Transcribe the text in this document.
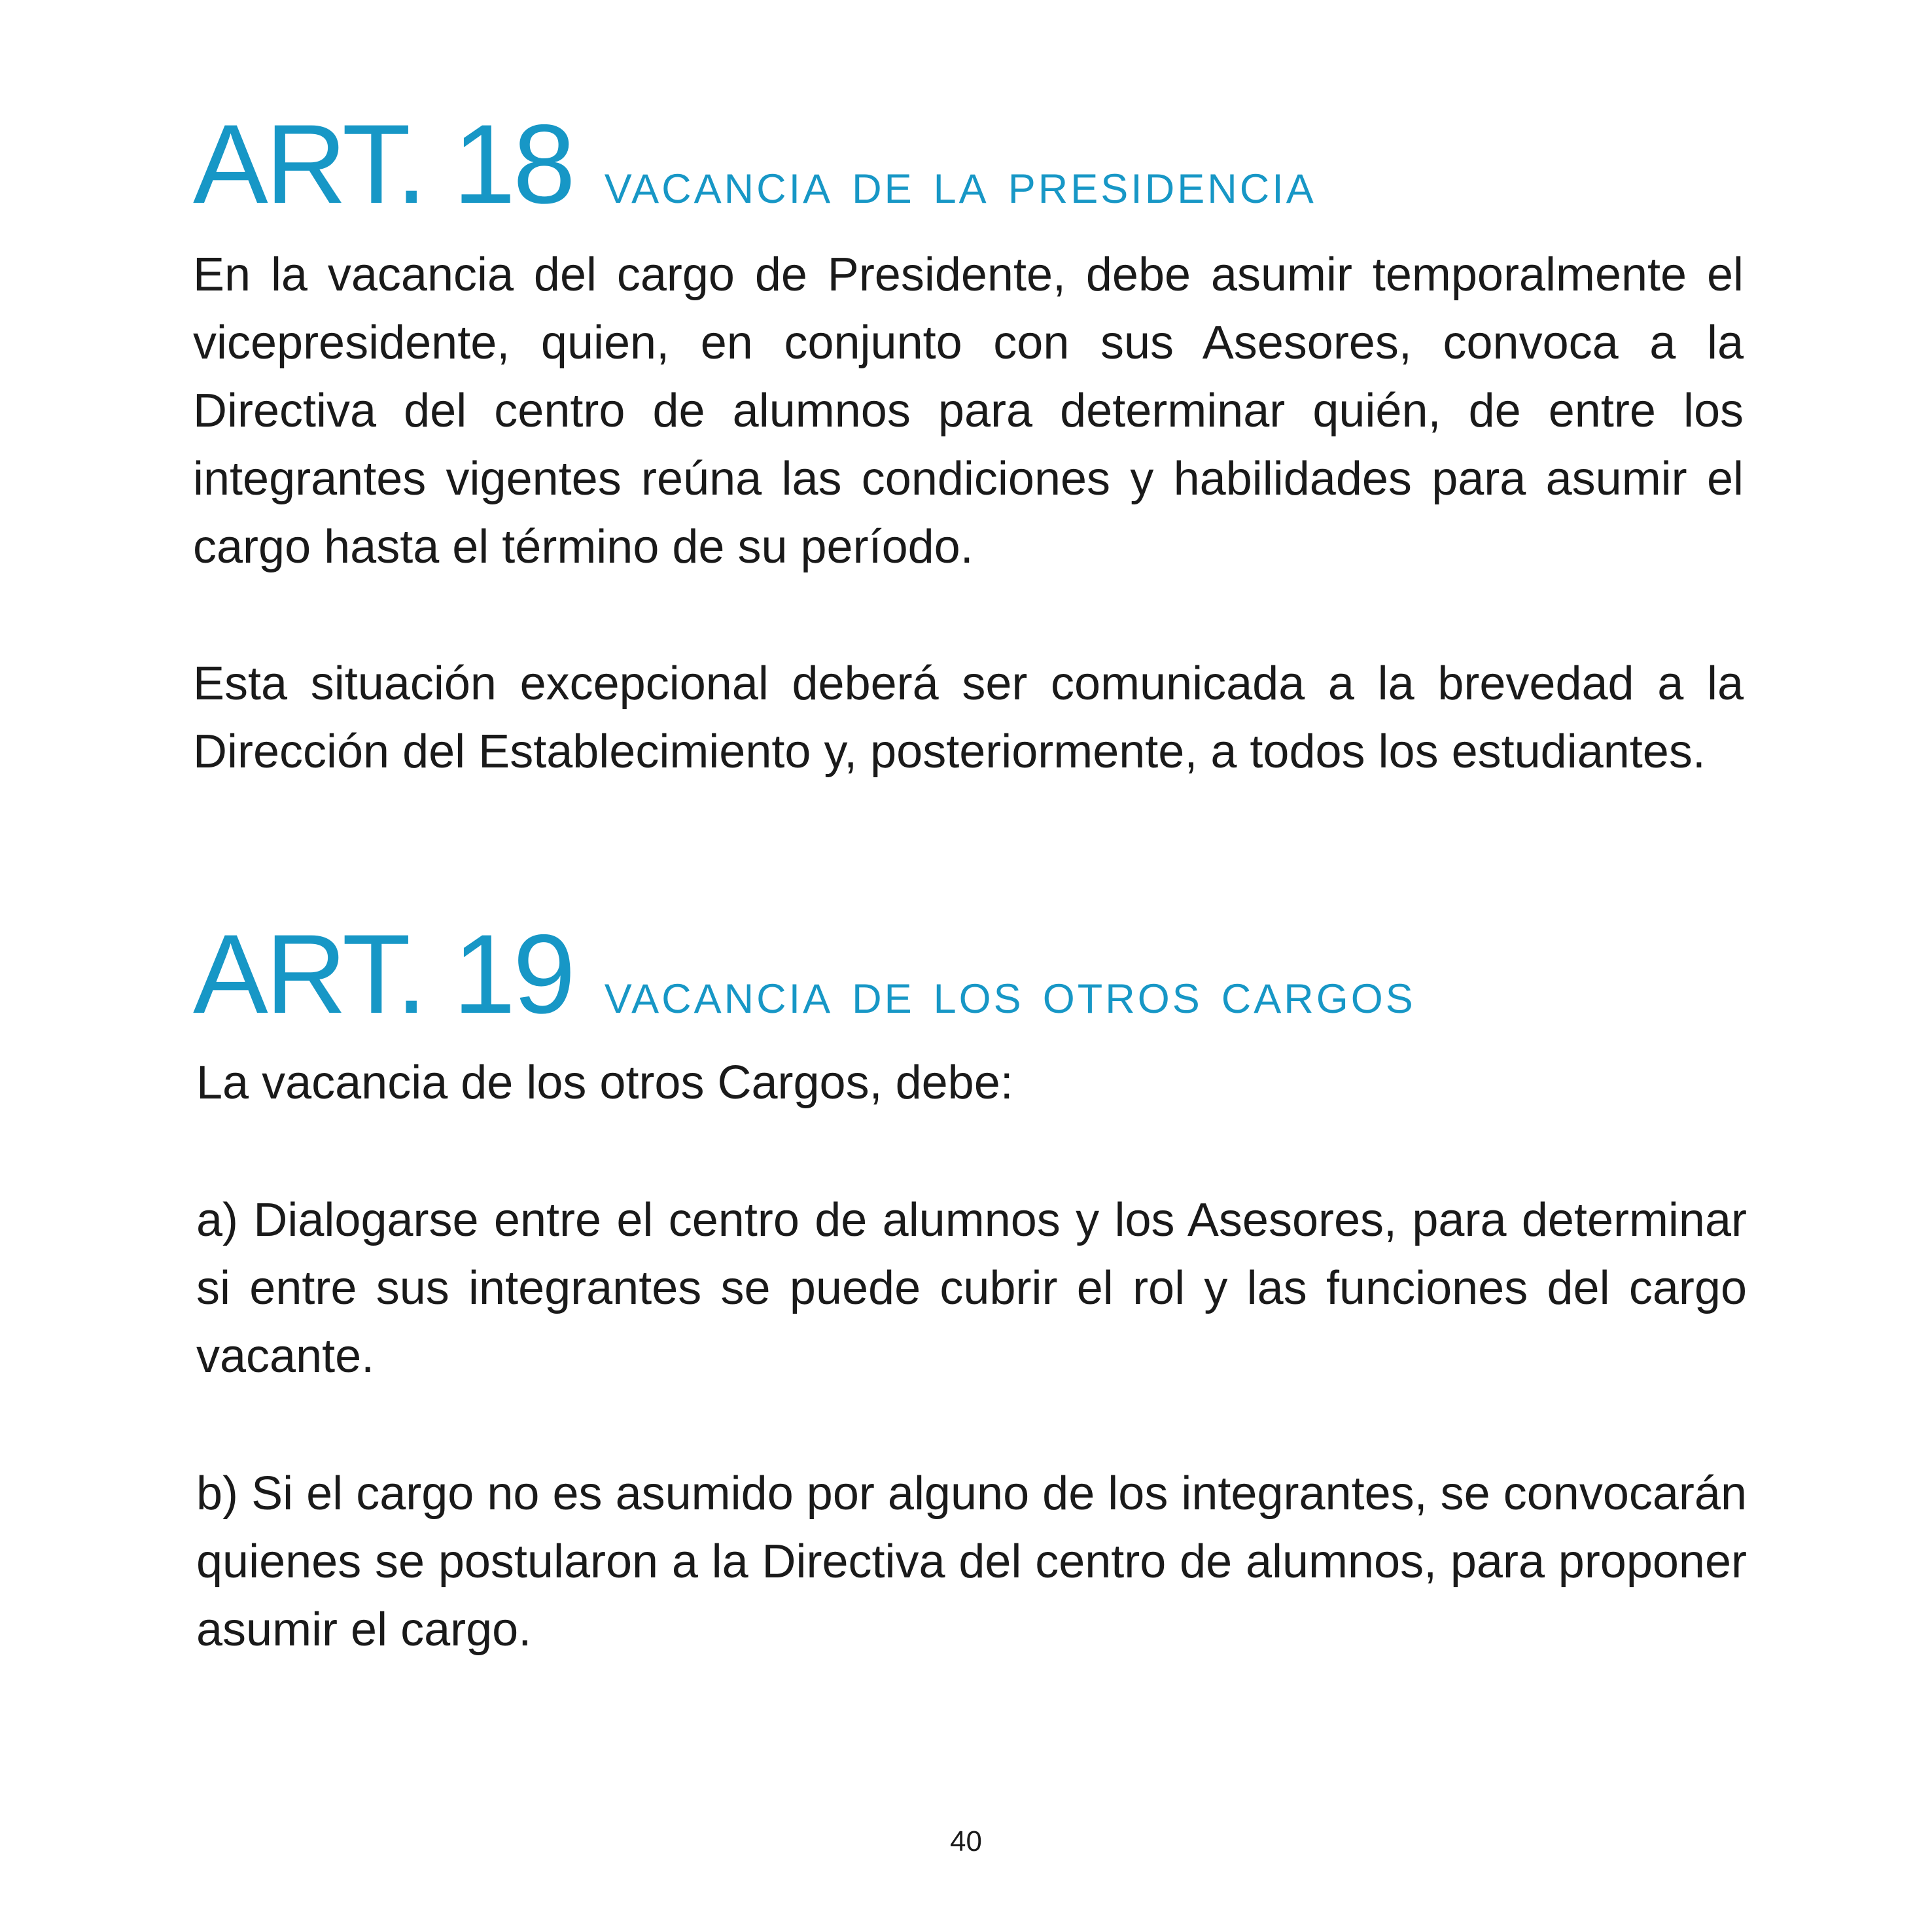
ART. 18 vacancia de la presidencia

En la vacancia del cargo de Presidente, debe asumir temporalmente el vicepresidente, quien, en conjunto con sus Asesores, convoca a la Directiva del centro de alumnos para determinar quién, de entre los integrantes vigentes reúna las condiciones y habilidades para asumir el cargo hasta el término de su período.

Esta situación excepcional deberá ser comunicada a la brevedad a la Dirección del Establecimiento y, posteriormente, a todos los estudiantes.

ART. 19 vacancia de los otros cargos

La vacancia de los otros Cargos, debe:

a) Dialogarse entre el centro de alumnos y los Asesores, para determinar si entre sus integrantes se puede cubrir el rol y las funciones del cargo vacante.

b) Si el cargo no es asumido por alguno de los integrantes, se convocarán quienes se postularon a la Directiva del centro de alumnos, para proponer asumir el cargo.

40
